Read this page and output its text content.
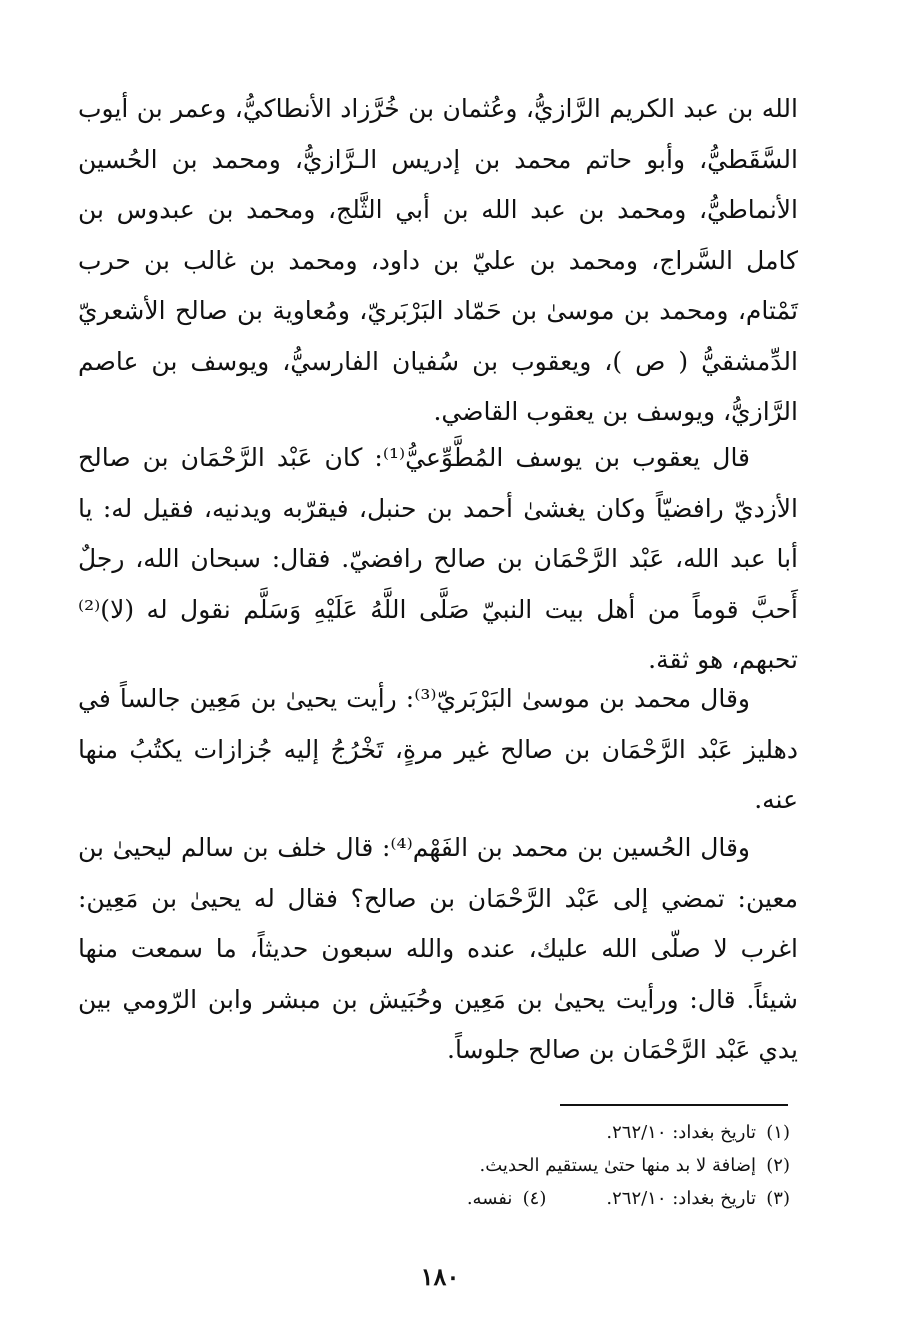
الله بن عبد الكريم الرَّازيُّ، وعُثمان بن خُرَّزاد الأنطاكيُّ، وعمر بن أيوب السَّقَطيُّ، وأبو حاتم محمد بن إدريس الـرَّازيُّ، ومحمد بن الحُسين الأنماطيُّ، ومحمد بن عبد الله بن أبي الثَّلج، ومحمد بن عبدوس بن كامل السَّراج، ومحمد بن عليّ بن داود، ومحمد بن غالب بن حرب تَمْتام، ومحمد بن موسىٰ بن حَمّاد البَرْبَريّ، ومُعاوية بن صالح الأشعريّ الدِّمشقيُّ ( ص )، ويعقوب بن سُفيان الفارسيُّ، ويوسف بن عاصم الرَّازيُّ، ويوسف بن يعقوب القاضي.

قال يعقوب بن يوسف المُطَّوِّعيُّ⁽¹⁾: كان عَبْد الرَّحْمَان بن صالح الأزديّ رافضيّاً وكان يغشىٰ أحمد بن حنبل، فيقرّبه ويدنيه، فقيل له: يا أبا عبد الله، عَبْد الرَّحْمَان بن صالح رافضيّ. فقال: سبحان الله، رجلٌ أَحبَّ قوماً من أهل بيت النبيّ صَلَّى اللَّهُ عَلَيْهِ وَسَلَّم نقول له (لا)⁽²⁾ تحبهم، هو ثقة.

وقال محمد بن موسىٰ البَرْبَريّ⁽³⁾: رأيت يحيىٰ بن مَعِين جالساً في دهليز عَبْد الرَّحْمَان بن صالح غير مرةٍ، تَخْرُجُ إليه جُزازات يكتُبُ منها عنه.

وقال الحُسين بن محمد بن الفَهْم⁽⁴⁾: قال خلف بن سالم ليحيىٰ بن معين: تمضي إلى عَبْد الرَّحْمَان بن صالح؟ فقال له يحيىٰ بن مَعِين: اغرب لا صلّى الله عليك، عنده والله سبعون حديثاً، ما سمعت منها شيئاً. قال: ورأيت يحيىٰ بن مَعِين وحُبَيش بن مبشر وابن الرّومي بين يدي عَبْد الرَّحْمَان بن صالح جلوساً.

(١)
تاريخ بغداد: ٢٦٢/١٠.
(٢)
إضافة لا بد منها حتىٰ يستقيم الحديث.
(٣)
تاريخ بغداد: ٢٦٢/١٠.
(٤)
نفسه.
١٨٠
